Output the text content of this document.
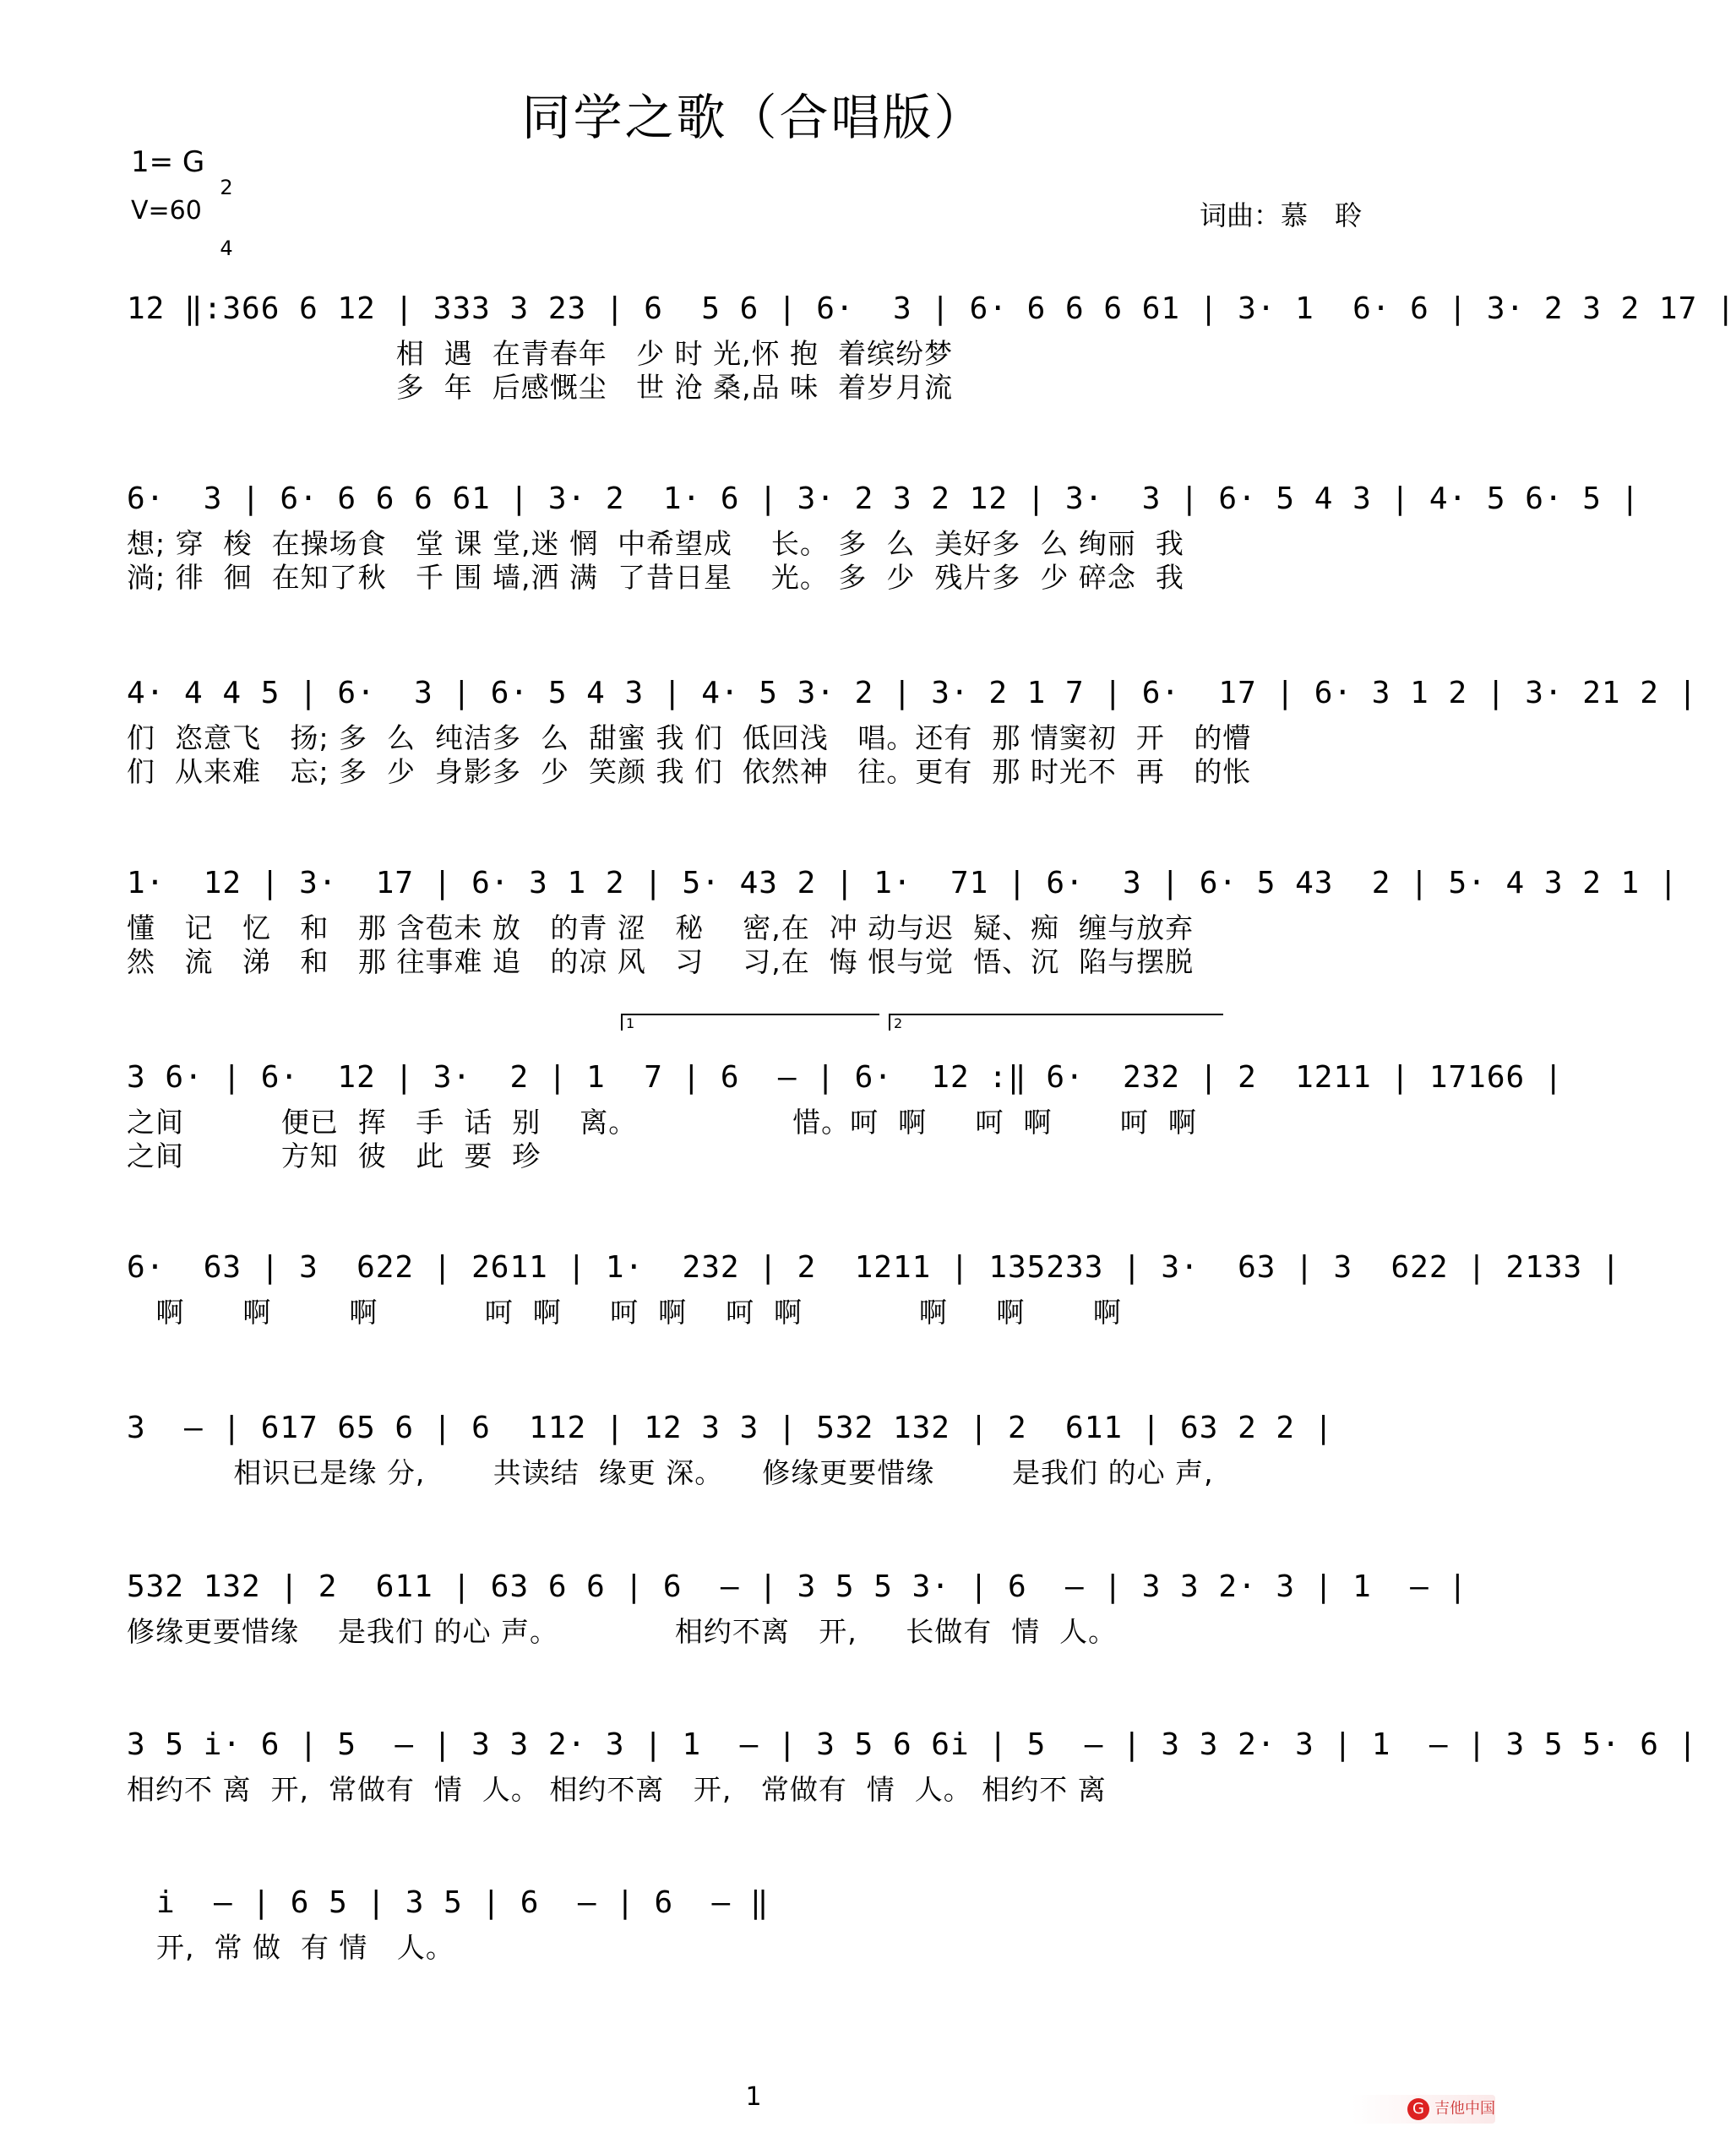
同学之歌（合唱版）
1= G

2

4

V=60	词曲：慕　聆
12 ‖:366 6 12 | 333 3 23 | 6  5 6 | 6·  3 | 6· 6 6 6 61 | 3· 1  6· 6 | 3· 2 3 2 17 |
相  遇  在青春年   少 时 光,怀 抱  着缤纷梦
多  年  后感慨尘   世 沧 桑,品 味  着岁月流
6·  3 | 6· 6 6 6 61 | 3· 2  1· 6 | 3· 2 3 2 12 | 3·  3 | 6· 5 4 3 | 4· 5 6· 5 |
想; 穿  梭  在操场食   堂 课 堂,迷 惘  中希望成    长。 多  么  美好多  么 绚丽  我
淌; 徘  徊  在知了秋   千 围 墙,洒 满  了昔日星    光。 多  少  残片多  少 碎念  我
4· 4 4 5 | 6·  3 | 6· 5 4 3 | 4· 5 3· 2 | 3· 2 1 7 | 6·  17 | 6· 3 1 2 | 3· 21 2 |
们  恣意飞   扬; 多  么  纯洁多  么  甜蜜 我 们  低回浅   唱。还有  那 情窦初  开   的懵
们  从来难   忘; 多  少  身影多  少  笑颜 我 们  依然神   往。更有  那 时光不  再   的怅
1·  12 | 3·  17 | 6· 3 1 2 | 5· 43 2 | 1·  71 | 6·  3 | 6· 5 43  2 | 5· 4 3 2 1 |
懂   记   忆   和   那 含苞未 放   的青 涩   秘    密,在  冲 动与迟  疑、痴  缠与放弃
然   流   涕   和   那 往事难 追   的凉 风   习    习,在  悔 恨与觉  悟、沉  陷与摆脱
1	2
3 6· | 6·  12 | 3·  2 | 1  7 | 6  — | 6·  12 :‖ 6·  232 | 2  1211 | 17166 |
之间          便已  挥   手  话  别    离。                惜。呵  啊     呵  啊       呵  啊
之间          方知  彼   此  要  珍
6·  63 | 3  622 | 2611 | 1·  232 | 2  1211 | 135233 | 3·  63 | 3  622 | 2133 |
啊      啊        啊           呵  啊     呵  啊    呵  啊            啊     啊       啊
3  — | 617 65 6 | 6  112 | 12 3 3 | 532 132 | 2  611 | 63 2 2 |
相识已是缘 分,       共读结  缘更 深。    修缘更要惜缘        是我们 的心 声,
532 132 | 2  611 | 63 6 6 | 6  — | 3 5 5 3· | 6  — | 3 3 2· 3 | 1  — |
修缘更要惜缘    是我们 的心 声。            相约不离   开,     长做有  情  人。
3 5 i· 6 | 5  — | 3 3 2· 3 | 1  — | 3 5 6 6i | 5  — | 3 3 2· 3 | 1  — | 3 5 5· 6 |
相约不 离  开,  常做有  情  人。 相约不离   开,   常做有  情  人。 相约不 离
i  — | 6 5 | 3 5 | 6  — | 6  — ‖
开,  常 做  有 情   人。
1	G 吉他中国
